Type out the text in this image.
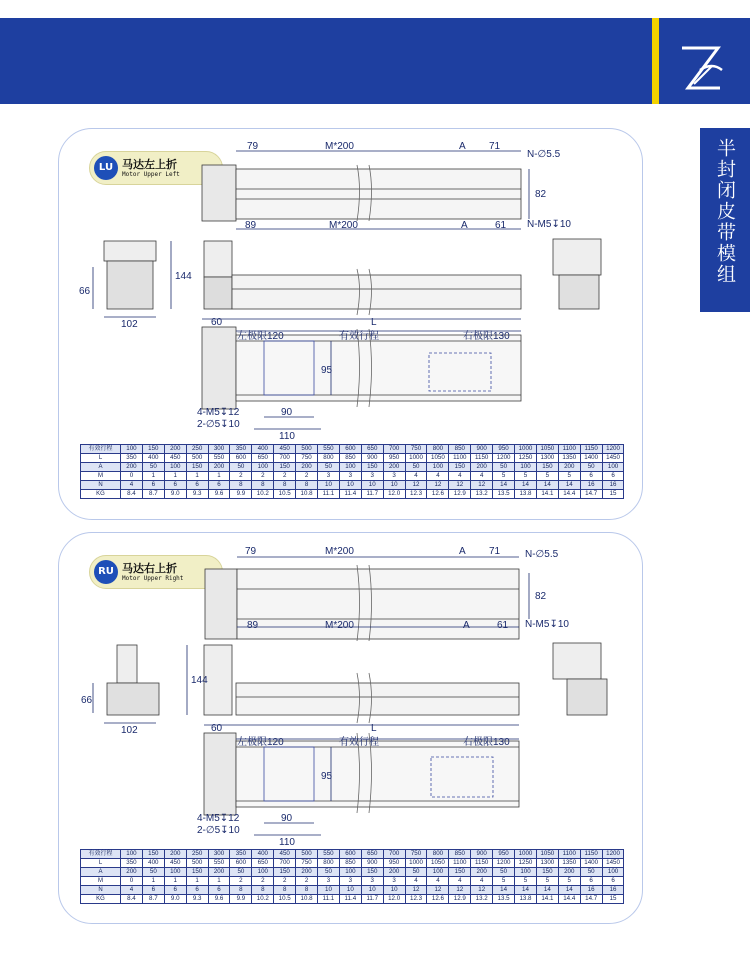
半封闭皮带模组
LU 马达左上折
Motor Upper Left
79	M*200	A 71
N-∅5.5
89	M*200	A	61 N-M5↧10
82
144
66
102	60	L
左极限120	有效行程	右极限130
95
4-M5↧12
2-∅5↧10
90
110
有效行程	100	150	200	250	300	350	400	450	500	550	600	650	700	750	800	850	900	950	1000	1050	1100	1150	1200
L	350	400	450	500	550	600	650	700	750	800	850	900	950	1000	1050	1100	1150	1200	1250	1300	1350	1400	1450
A	200	50	100	150	200	50	100	150	200	50	100	150	200	50	100	150	200	50	100	150	200	50	100
M	0	1	1	1	1	2	2	2	2	3	3	3	3	4	4	4	4	5	5	5	5	6	6
N	4	6	6	6	6	8	8	8	8	10	10	10	10	12	12	12	12	14	14	14	14	16	16
KG	8.4	8.7	9.0	9.3	9.6	9.9	10.2	10.5	10.8	11.1	11.4	11.7	12.0	12.3	12.6	12.9	13.2	13.5	13.8	14.1	14.4	14.7	15
RU 马达右上折
Motor Upper Right
79	M*200	A 71 N-∅5.5
89	M*200	A	61 N-M5↧10
82
144
66
102	60	L
左极限120	有效行程	右极限130
95
4-M5↧12
2-∅5↧10
90
110
有效行程	100	150	200	250	300	350	400	450	500	550	600	650	700	750	800	850	900	950	1000	1050	1100	1150	1200
L	350	400	450	500	550	600	650	700	750	800	850	900	950	1000	1050	1100	1150	1200	1250	1300	1350	1400	1450
A	200	50	100	150	200	50	100	150	200	50	100	150	200	50	100	150	200	50	100	150	200	50	100
M	0	1	1	1	1	2	2	2	2	3	3	3	3	4	4	4	4	5	5	5	5	6	6
N	4	6	6	6	6	8	8	8	8	10	10	10	10	12	12	12	12	14	14	14	14	16	16
KG	8.4	8.7	9.0	9.3	9.6	9.9	10.2	10.5	10.8	11.1	11.4	11.7	12.0	12.3	12.6	12.9	13.2	13.5	13.8	14.1	14.4	14.7	15
